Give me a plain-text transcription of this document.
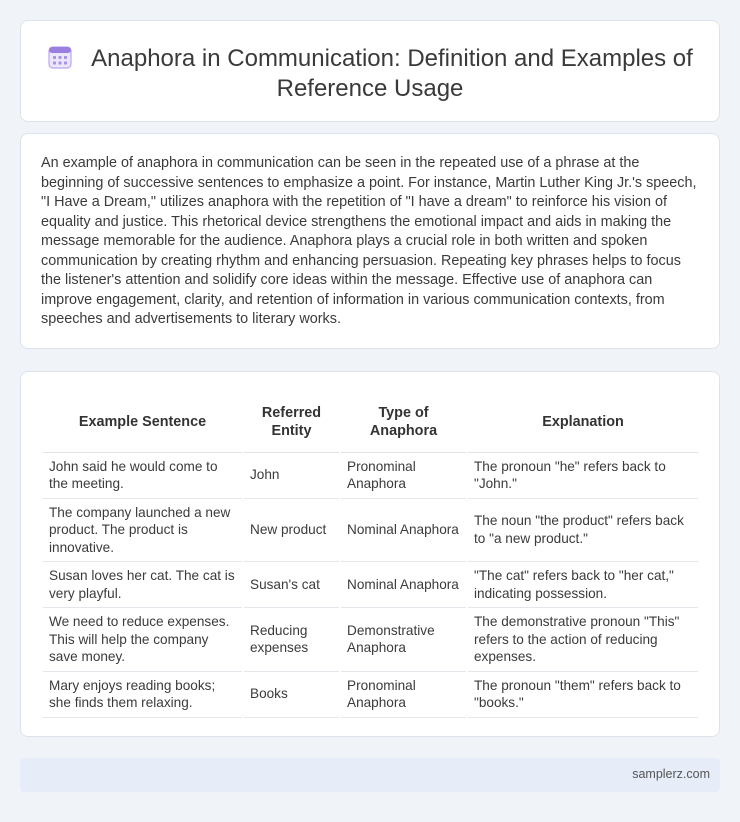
Anaphora in Communication: Definition and Examples of Reference Usage

An example of anaphora in communication can be seen in the repeated use of a phrase at the beginning of successive sentences to emphasize a point. For instance, Martin Luther King Jr.'s speech, "I Have a Dream," utilizes anaphora with the repetition of "I have a dream" to reinforce his vision of equality and justice. This rhetorical device strengthens the emotional impact and aids in making the message memorable for the audience. Anaphora plays a crucial role in both written and spoken communication by creating rhythm and enhancing persuasion. Repeating key phrases helps to focus the listener's attention and solidify core ideas within the message. Effective use of anaphora can improve engagement, clarity, and retention of information in various communication contexts, from speeches and advertisements to literary works.

Example Sentence	Referred Entity	Type of Anaphora	Explanation
John said he would come to the meeting.	John	Pronominal Anaphora	The pronoun "he" refers back to "John."
The company launched a new product. The product is innovative.	New product	Nominal Anaphora	The noun "the product" refers back to "a new product."
Susan loves her cat. The cat is very playful.	Susan's cat	Nominal Anaphora	"The cat" refers back to "her cat," indicating possession.
We need to reduce expenses. This will help the company save money.	Reducing expenses	Demonstrative Anaphora	The demonstrative pronoun "This" refers to the action of reducing expenses.
Mary enjoys reading books; she finds them relaxing.	Books	Pronominal Anaphora	The pronoun "them" refers back to "books."
samplerz.com
